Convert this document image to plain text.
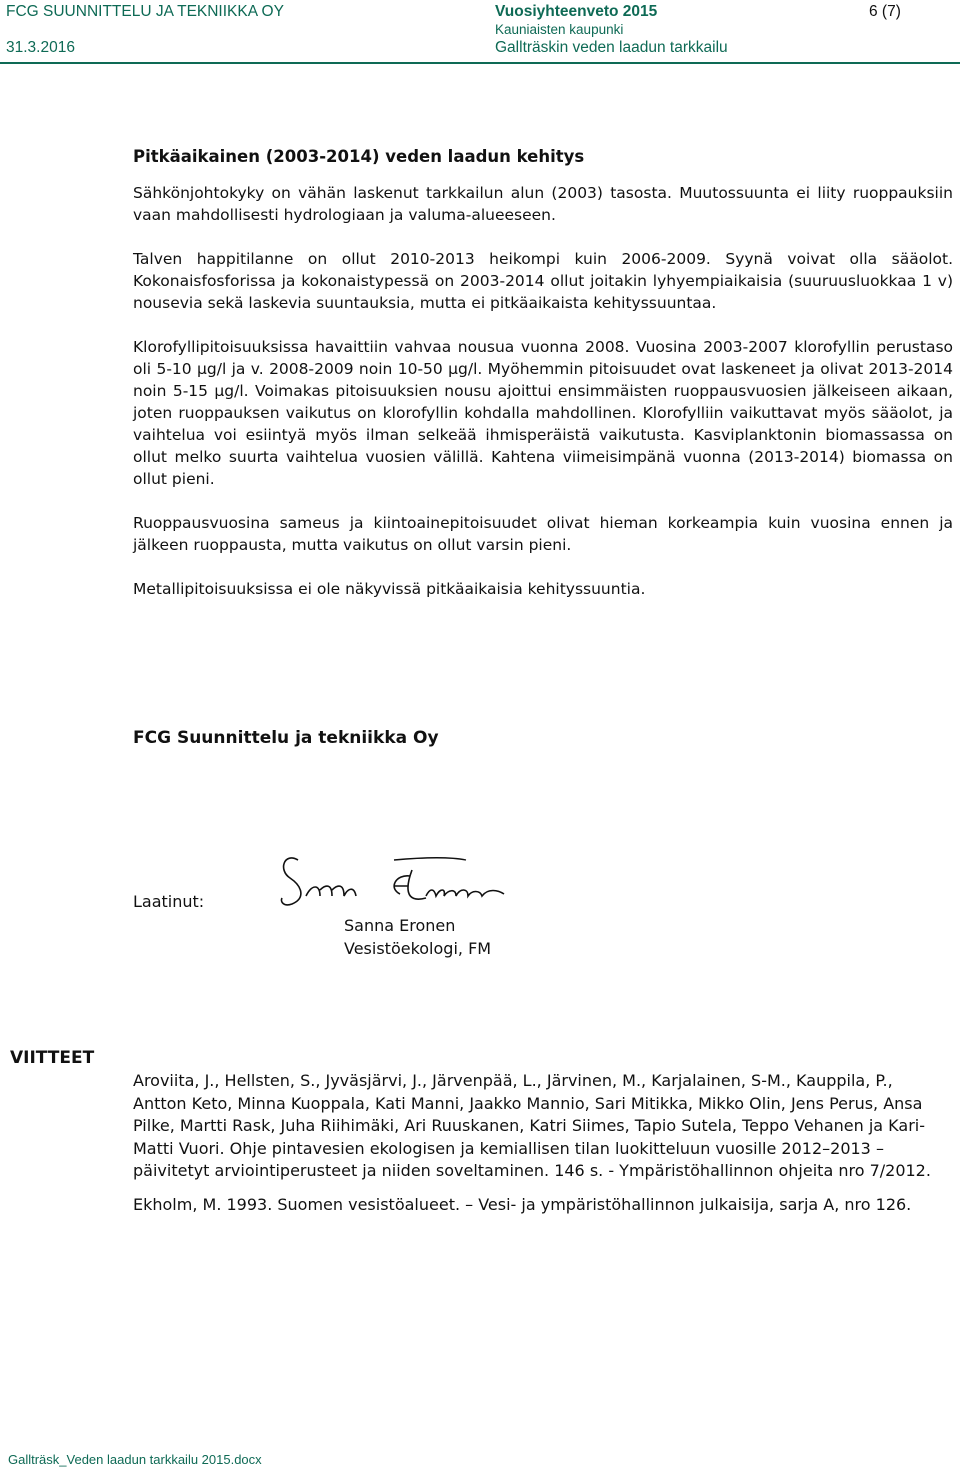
FCG SUUNNITTELU JA TEKNIIKKA OY
31.3.2016
Vuosiyhteenveto 2015
Kauniaisten kaupunki
Gallträskin veden laadun tarkkailu
6 (7)
Pitkäaikainen (2003-2014) veden laadun kehitys

Sähkönjohtokyky on vähän laskenut tarkkailun alun (2003) tasosta. Muutossuunta ei liity ruoppauksiin vaan mahdollisesti hydrologiaan ja valuma-alueeseen.

Talven happitilanne on ollut 2010-2013 heikompi kuin 2006-2009. Syynä voivat olla sääolot. Kokonaisfosforissa ja kokonaistypessä on 2003-2014 ollut joitakin lyhyempiaikaisia (suuruusluokkaa 1 v) nousevia sekä laskevia suuntauksia, mutta ei pitkäaikaista kehityssuuntaa.

Klorofyllipitoisuuksissa havaittiin vahvaa nousua vuonna 2008. Vuosina 2003-2007 klorofyllin perustaso oli 5-10 µg/l ja v. 2008-2009 noin 10-50 µg/l. Myöhemmin pitoisuudet ovat laskeneet ja olivat 2013-2014 noin 5-15 µg/l. Voimakas pitoisuuksien nousu ajoittui ensimmäisten ruoppausvuosien jälkeiseen aikaan, joten ruoppauksen vaikutus on klorofyllin kohdalla mahdollinen. Klorofylliin vaikuttavat myös sääolot, ja vaihtelua voi esiintyä myös ilman selkeää ihmisperäistä vaikutusta. Kasviplanktonin biomassassa on ollut melko suurta vaihtelua vuosien välillä. Kahtena viimeisimpänä vuonna (2013-2014) biomassa on ollut pieni.

Ruoppausvuosina sameus ja kiintoainepitoisuudet olivat hieman korkeampia kuin vuosina ennen ja jälkeen ruoppausta, mutta vaikutus on ollut varsin pieni.

Metallipitoisuuksissa ei ole näkyvissä pitkäaikaisia kehityssuuntia.

FCG Suunnittelu ja tekniikka Oy
Laatinut:
Sanna Eronen
Vesistöekologi, FM
VIITTEET

Aroviita, J., Hellsten, S., Jyväsjärvi, J., Järvenpää, L., Järvinen, M., Karjalainen, S-M., Kauppila, P., Antton Keto, Minna Kuoppala, Kati Manni, Jaakko Mannio, Sari Mitikka, Mikko Olin, Jens Perus, Ansa Pilke, Martti Rask, Juha Riihimäki, Ari Ruuskanen, Katri Siimes, Tapio Sutela, Teppo Vehanen ja Kari-Matti Vuori. Ohje pintavesien ekologisen ja kemiallisen tilan luokitteluun vuosille 2012–2013 – päivitetyt arviointiperusteet ja niiden soveltaminen. 146 s. - Ympäristöhallinnon ohjeita nro 7/2012.

Ekholm, M. 1993. Suomen vesistöalueet. – Vesi- ja ympäristöhallinnon julkaisija, sarja A, nro 126.

Gallträsk_Veden laadun tarkkailu 2015.docx
